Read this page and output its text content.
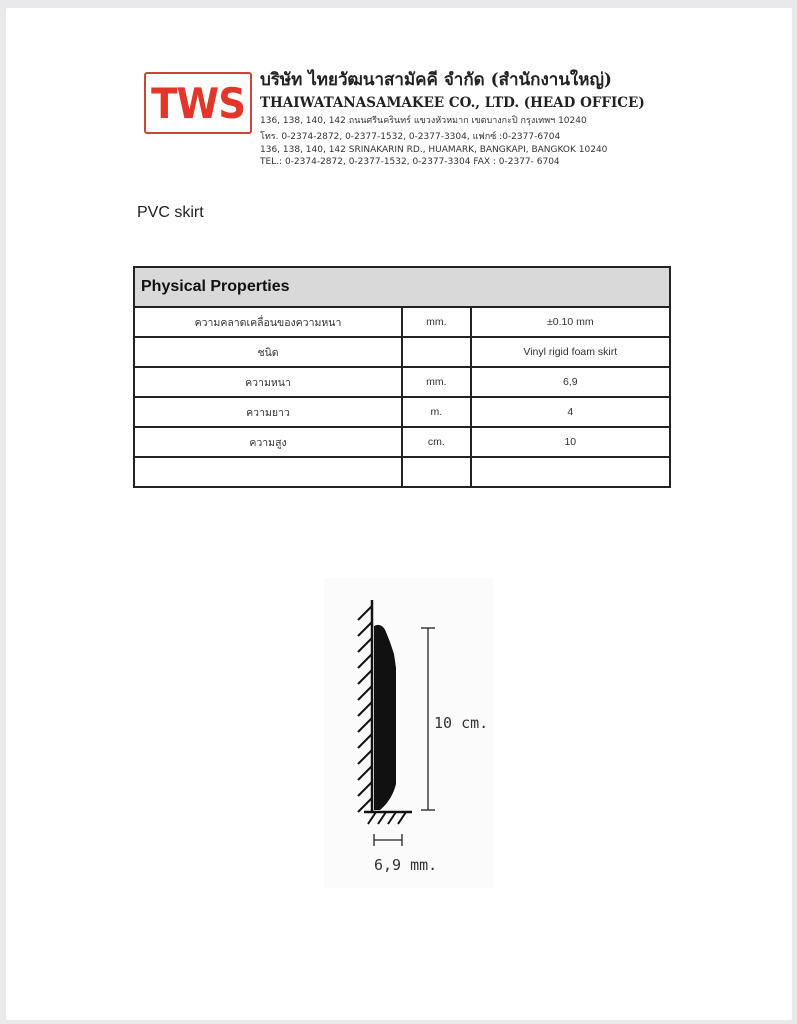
TWS บริษัท ไทยวัฒนาสามัคคี จำกัด (สำนักงานใหญ่)
THAIWATANASAMAKEE CO., LTD. (HEAD OFFICE)
136, 138, 140, 142 ถนนศรีนครินทร์ แขวงหัวหมาก เขตบางกะปิ กรุงเทพฯ 10240
โทร. 0-2374-2872, 0-2377-1532, 0-2377-3304, แฟกซ์ :0-2377-6704
136, 138, 140, 142 SRINAKARIN RD., HUAMARK, BANGKAPI, BANGKOK 10240
TEL.: 0-2374-2872, 0-2377-1532, 0-2377-3304 FAX : 0-2377- 6704
PVC skirt
Physical Properties		
ความคลาดเคลื่อนของความหนา	mm.	±0.10 mm
ชนิด		Vinyl rigid foam skirt
ความหนา	mm.	6,9
ความยาว	m.	4
ความสูง	cm.	10

10 cm.
6,9 mm.
